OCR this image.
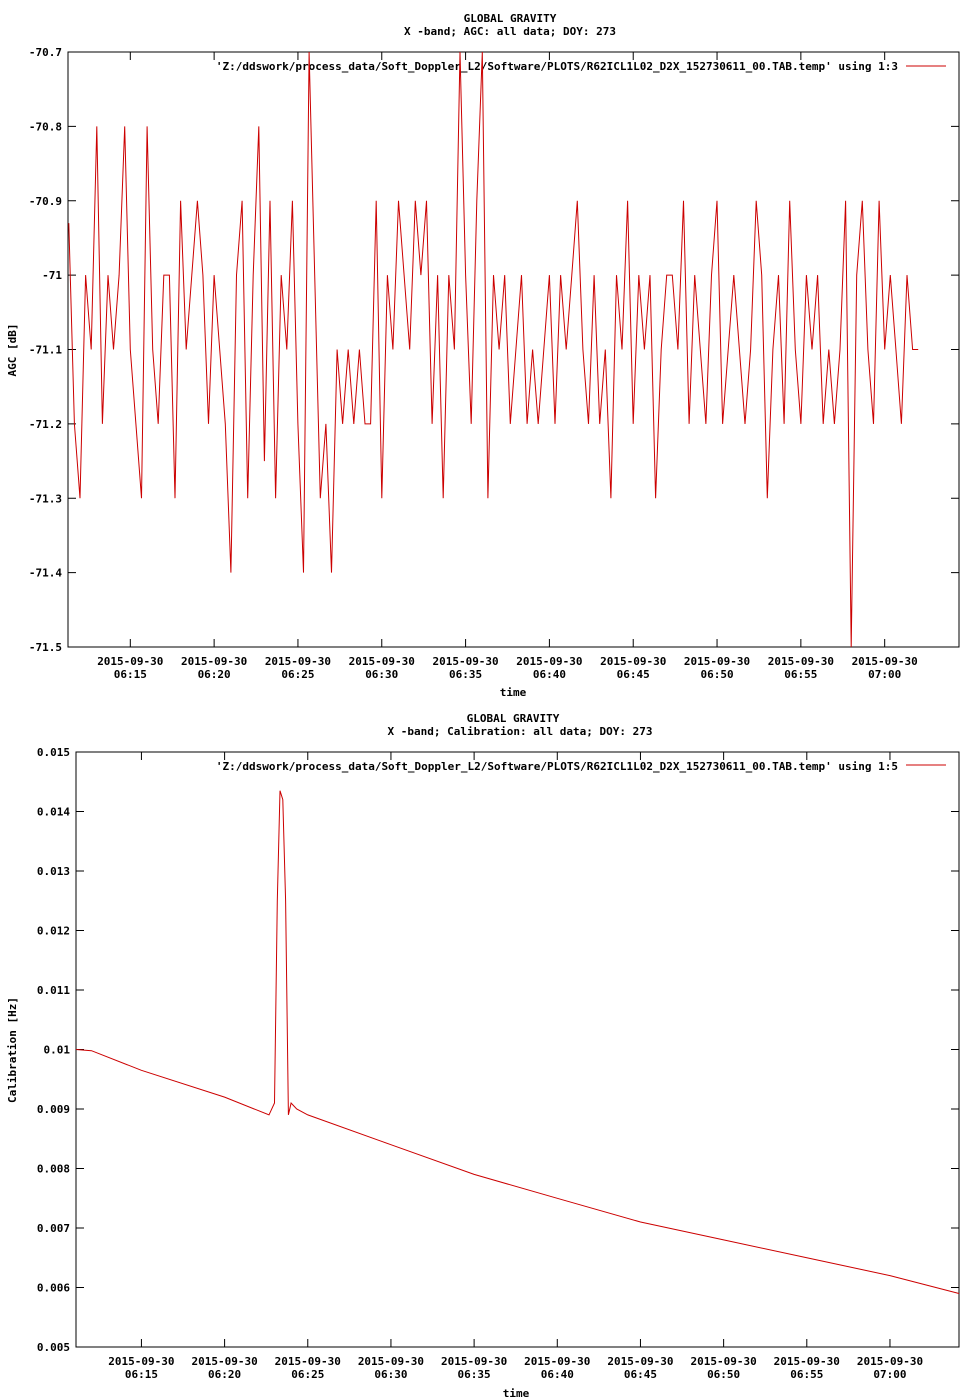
GLOBAL GRAVITY
X -band; AGC: all data; DOY: 273
AGC [dB]
time
'Z:/ddswork/process_data/Soft_Doppler_L2/Software/PLOTS/R62ICL1L02_D2X_152730611_00.TAB.temp' using 1:3
-70.7
-70.8
-70.9
-71
-71.1
-71.2
-71.3
-71.4
-71.5
2015-09-30
06:15
2015-09-30
06:20
2015-09-30
06:25
2015-09-30
06:30
2015-09-30
06:35
2015-09-30
06:40
2015-09-30
06:45
2015-09-30
06:50
2015-09-30
06:55
2015-09-30
07:00
GLOBAL GRAVITY
X -band; Calibration: all data; DOY: 273
Calibration [Hz]
time
'Z:/ddswork/process_data/Soft_Doppler_L2/Software/PLOTS/R62ICL1L02_D2X_152730611_00.TAB.temp' using 1:5
0.015
0.014
0.013
0.012
0.011
0.01
0.009
0.008
0.007
0.006
0.005
2015-09-30
06:15
2015-09-30
06:20
2015-09-30
06:25
2015-09-30
06:30
2015-09-30
06:35
2015-09-30
06:40
2015-09-30
06:45
2015-09-30
06:50
2015-09-30
06:55
2015-09-30
07:00
